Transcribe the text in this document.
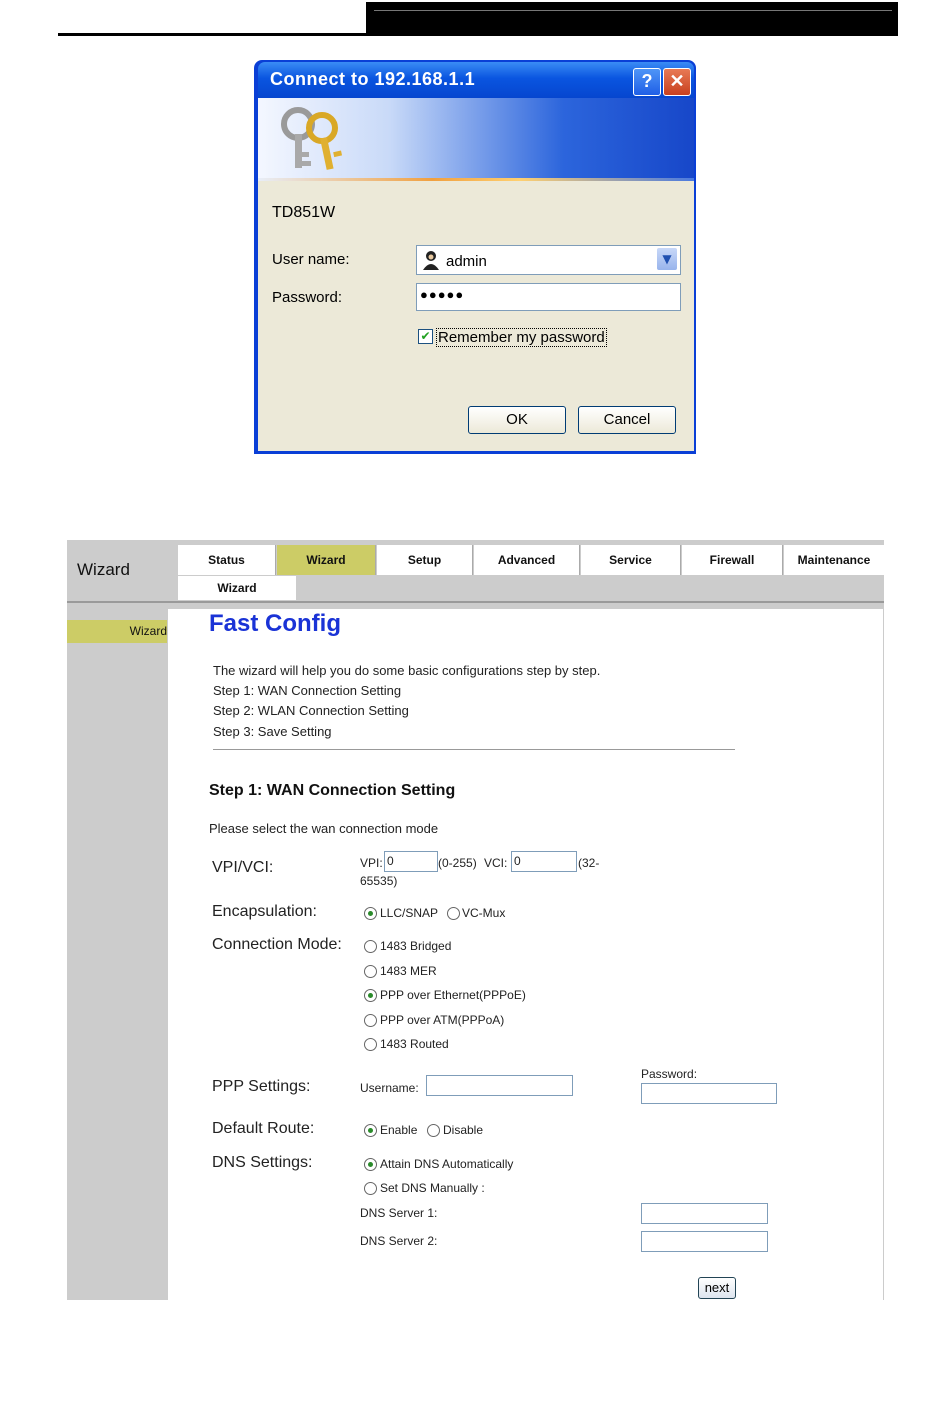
Connect to 192.168.1.1	? ✕
TD851W
User name:	admin	▼
Password:	●●●●●
✔ Remember my password
OK	Cancel
Wizard	Status	Wizard	Setup	Advanced	Service	Firewall	Maintenance
Wizard
Wizard Fast Config
The wizard will help you do some basic configurations step by step.
Step 1: WAN Connection Setting
Step 2: WLAN Connection Setting
Step 3: Save Setting
Step 1: WAN Connection Setting
Please select the wan connection mode
VPI/VCI:	VPI: 0	(0-255) VCI: 0	(32-
65535)
Encapsulation:	LLC/SNAP VC-Mux
Connection Mode:	1483 Bridged
1483 MER
PPP over Ethernet(PPPoE)
PPP over ATM(PPPoA)
1483 Routed
PPP Settings:	Username:
Password:
Default Route:	Enable Disable
DNS Settings:	Attain DNS Automatically
Set DNS Manually :
DNS Server 1:
DNS Server 2:
next
